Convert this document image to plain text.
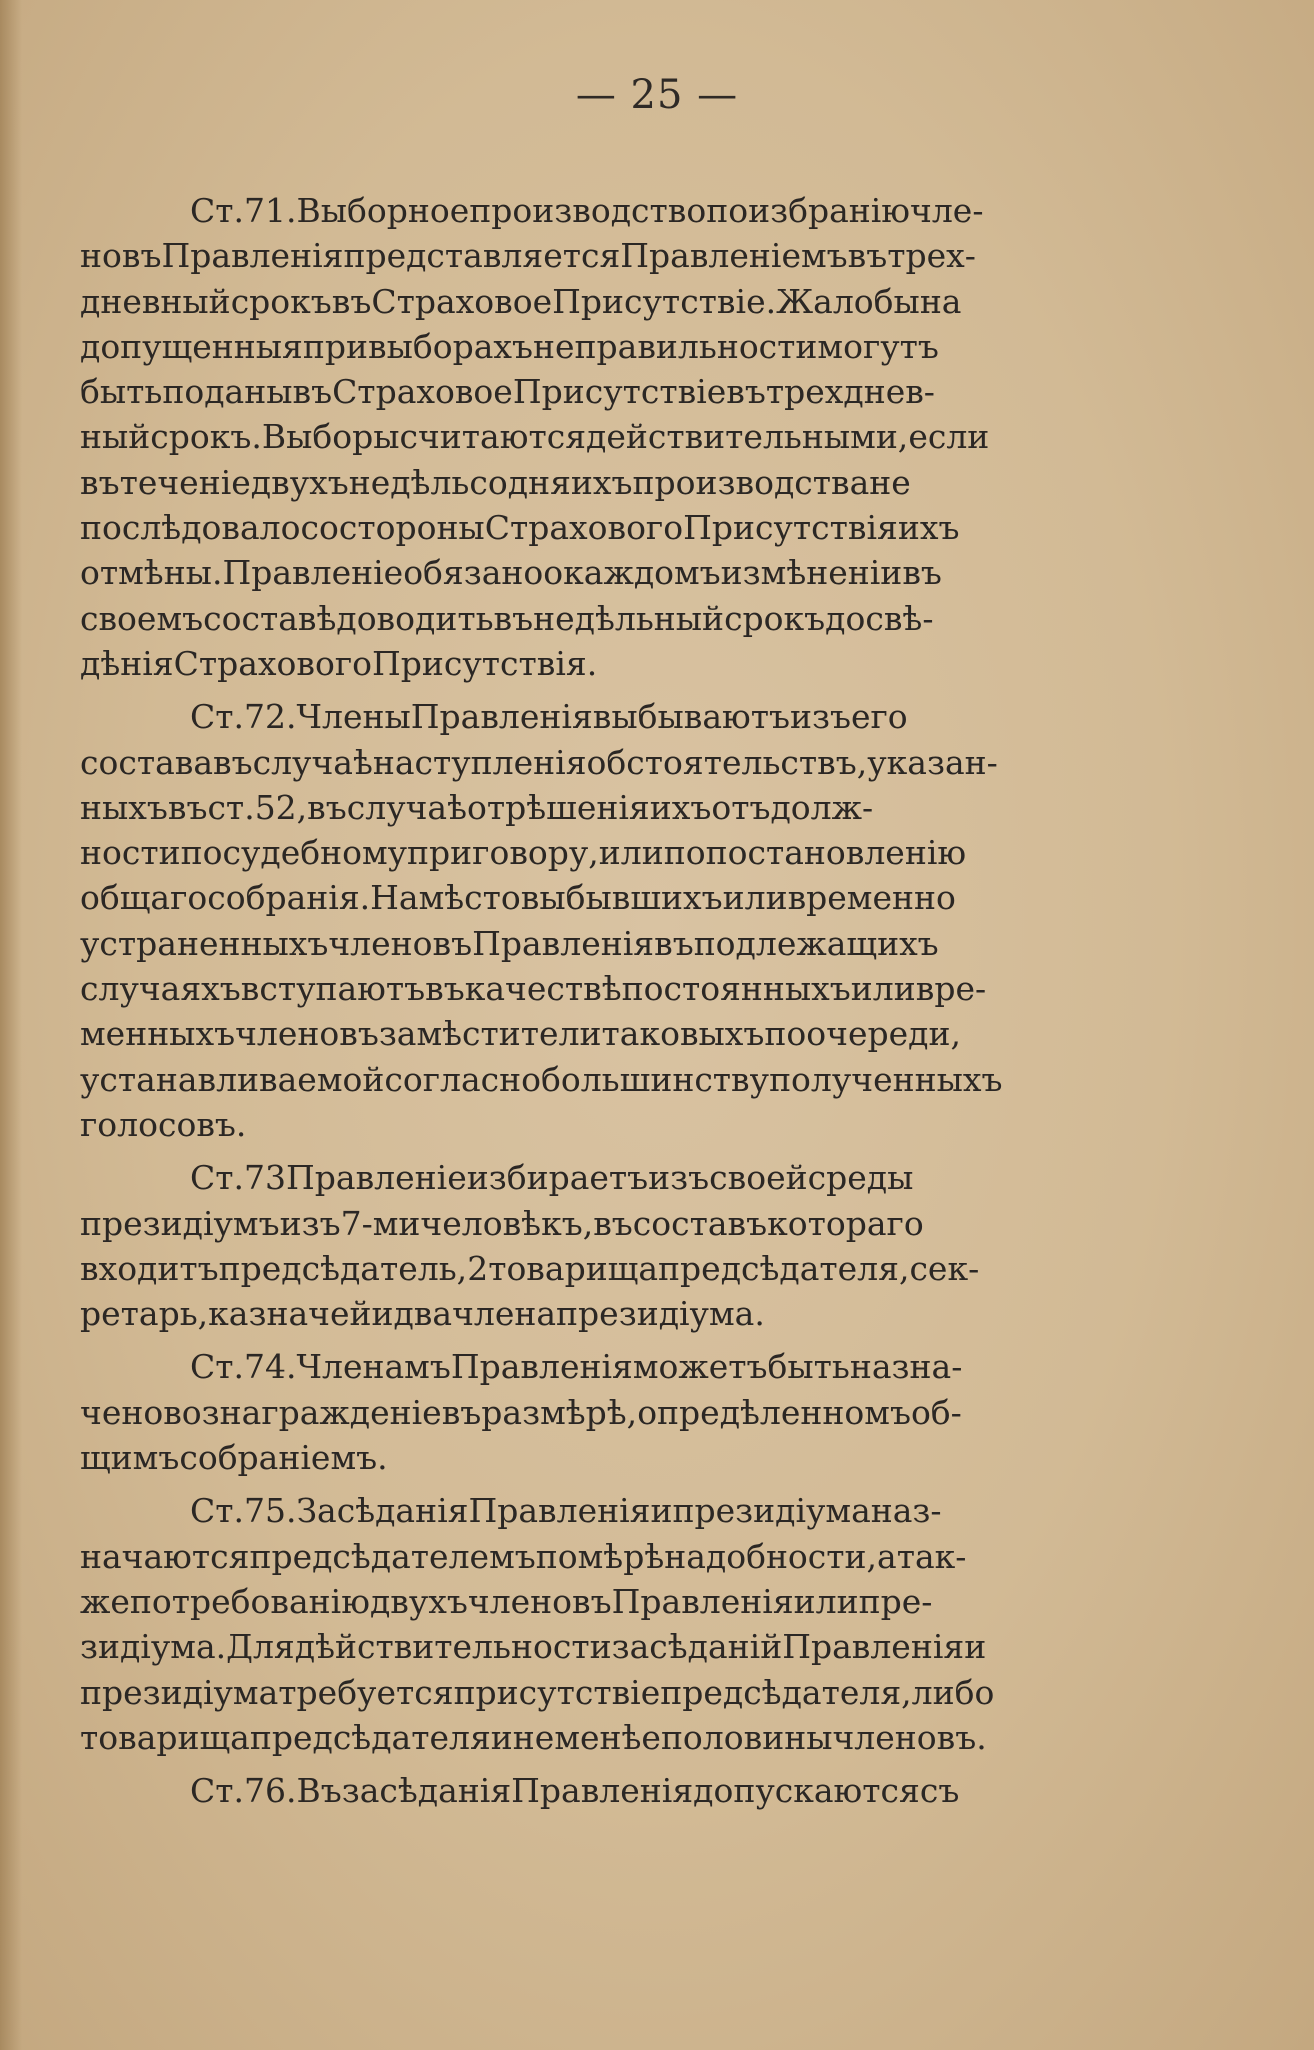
— 25 —
Ст.71.Выборноепроизводствопоизбраніючле-
новъПравленіяпредставляетсяПравленіемъвътрех-
дневныйсрокъвъСтраховоеПрисутствіе.Жалобына
допущенныяпривыборахънеправильностимогутъ
бытьподанывъСтраховоеПрисутствіевътрехднев-
ныйсрокъ.Выборысчитаютсядействительными,если
вътеченіедвухънедѣльсодняихъпроизводстване
послѣдовалосостороныСтраховогоПрисутствіяихъ
отмѣны.Правленіеобязаноокаждомъизмѣненіивъ
своемъсоставѣдоводитьвънедѣльныйсрокъдосвѣ-
дѣніяСтраховогоПрисутствія.
Ст.72.ЧленыПравленіявыбываютъизъего
состававъслучаѣнаступленіяобстоятельствъ,указан-
ныхъвъст.52,въслучаѣотрѣшеніяихъотъдолж-
ностипосудебномуприговору,илипопостановленію
общагособранія.Намѣстовыбывшихъиливременно
устраненныхъчленовъПравленіявъподлежащихъ
случаяхъвступаютъвъкачествѣпостоянныхъиливре-
менныхъчленовъзамѣстителитаковыхъпоочереди,
устанавливаемойсогласнобольшинствуполученныхъ
голосовъ.
Ст.73Правленіеизбираетъизъсвоейсреды
президіумъизъ7-мичеловѣкъ,въсоставъкотораго
входитъпредсѣдатель,2товарищапредсѣдателя,сек-
ретарь,казначейидвачленапрезидіума.
Ст.74.ЧленамъПравленіяможетъбытьназна-
ченовознагражденіевъразмѣрѣ,опредѣленномъоб-
щимъсобраніемъ.
Ст.75.ЗасѣданіяПравленіяипрезидіуманаз-
начаютсяпредсѣдателемъпомѣрѣнадобности,атак-
жепотребованіюдвухъчленовъПравленіяилипре-
зидіума.ДлядѣйствительностизасѣданійПравленіяи
президіуматребуетсяприсутствіепредсѣдателя,либо
товарищапредсѣдателяинеменѣеполовинычленовъ.
Ст.76.ВъзасѣданіяПравленіядопускаютсясъ
